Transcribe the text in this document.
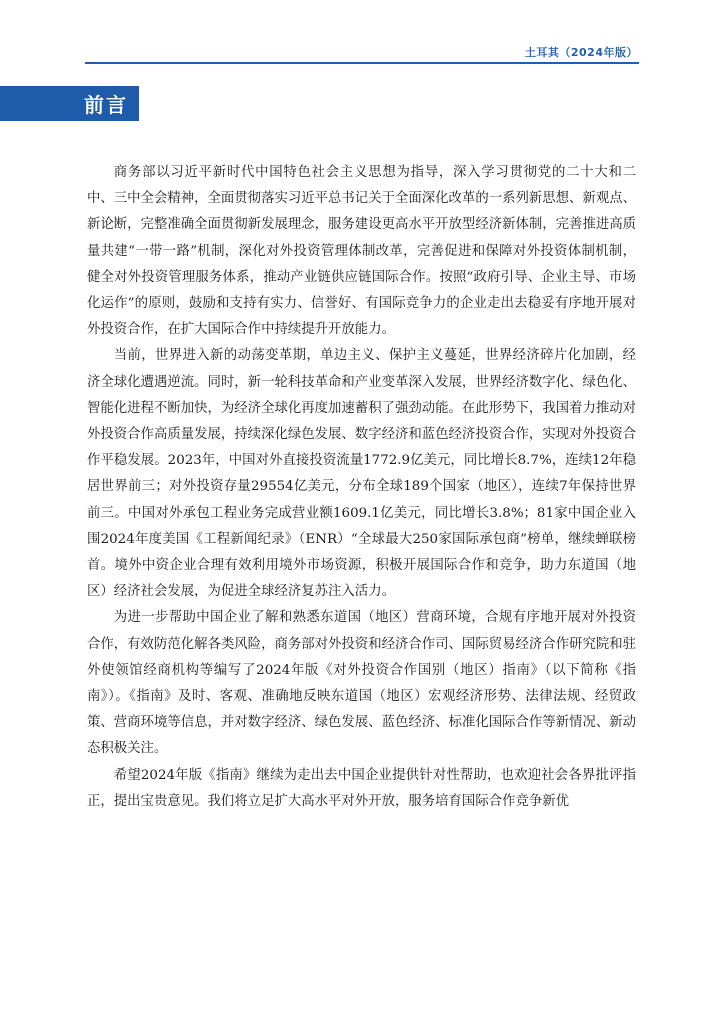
土耳其（2024年版）
前言

商务部以习近平新时代中国特色社会主义思想为指导，深入学习贯彻党的二十大和二中、三中全会精神，全面贯彻落实习近平总书记关于全面深化改革的一系列新思想、新观点、新论断，完整准确全面贯彻新发展理念，服务建设更高水平开放型经济新体制，完善推进高质量共建“一带一路”机制，深化对外投资管理体制改革，完善促进和保障对外投资体制机制，健全对外投资管理服务体系，推动产业链供应链国际合作。按照“政府引导、企业主导、市场化运作”的原则，鼓励和支持有实力、信誉好、有国际竞争力的企业走出去稳妥有序地开展对外投资合作，在扩大国际合作中持续提升开放能力。

当前，世界进入新的动荡变革期，单边主义、保护主义蔓延，世界经济碎片化加剧，经济全球化遭遇逆流。同时，新一轮科技革命和产业变革深入发展，世界经济数字化、绿色化、智能化进程不断加快，为经济全球化再度加速蓄积了强劲动能。在此形势下，我国着力推动对外投资合作高质量发展，持续深化绿色发展、数字经济和蓝色经济投资合作，实现对外投资合作平稳发展。2023年，中国对外直接投资流量1772.9亿美元，同比增长8.7%，连续12年稳居世界前三；对外投资存量29554亿美元，分布全球189个国家（地区），连续7年保持世界前三。中国对外承包工程业务完成营业额1609.1亿美元，同比增长3.8%；81家中国企业入围2024年度美国《工程新闻纪录》（ENR）“全球最大250家国际承包商”榜单，继续蝉联榜首。境外中资企业合理有效利用境外市场资源，积极开展国际合作和竞争，助力东道国（地区）经济社会发展，为促进全球经济复苏注入活力。

为进一步帮助中国企业了解和熟悉东道国（地区）营商环境，合规有序地开展对外投资合作，有效防范化解各类风险，商务部对外投资和经济合作司、国际贸易经济合作研究院和驻外使领馆经商机构等编写了2024年版《对外投资合作国别（地区）指南》（以下简称《指南》）。《指南》及时、客观、准确地反映东道国（地区）宏观经济形势、法律法规、经贸政策、营商环境等信息，并对数字经济、绿色发展、蓝色经济、标准化国际合作等新情况、新动态积极关注。

希望2024年版《指南》继续为走出去中国企业提供针对性帮助，也欢迎社会各界批评指正，提出宝贵意见。我们将立足扩大高水平对外开放，服务培育国际合作竞争新优
